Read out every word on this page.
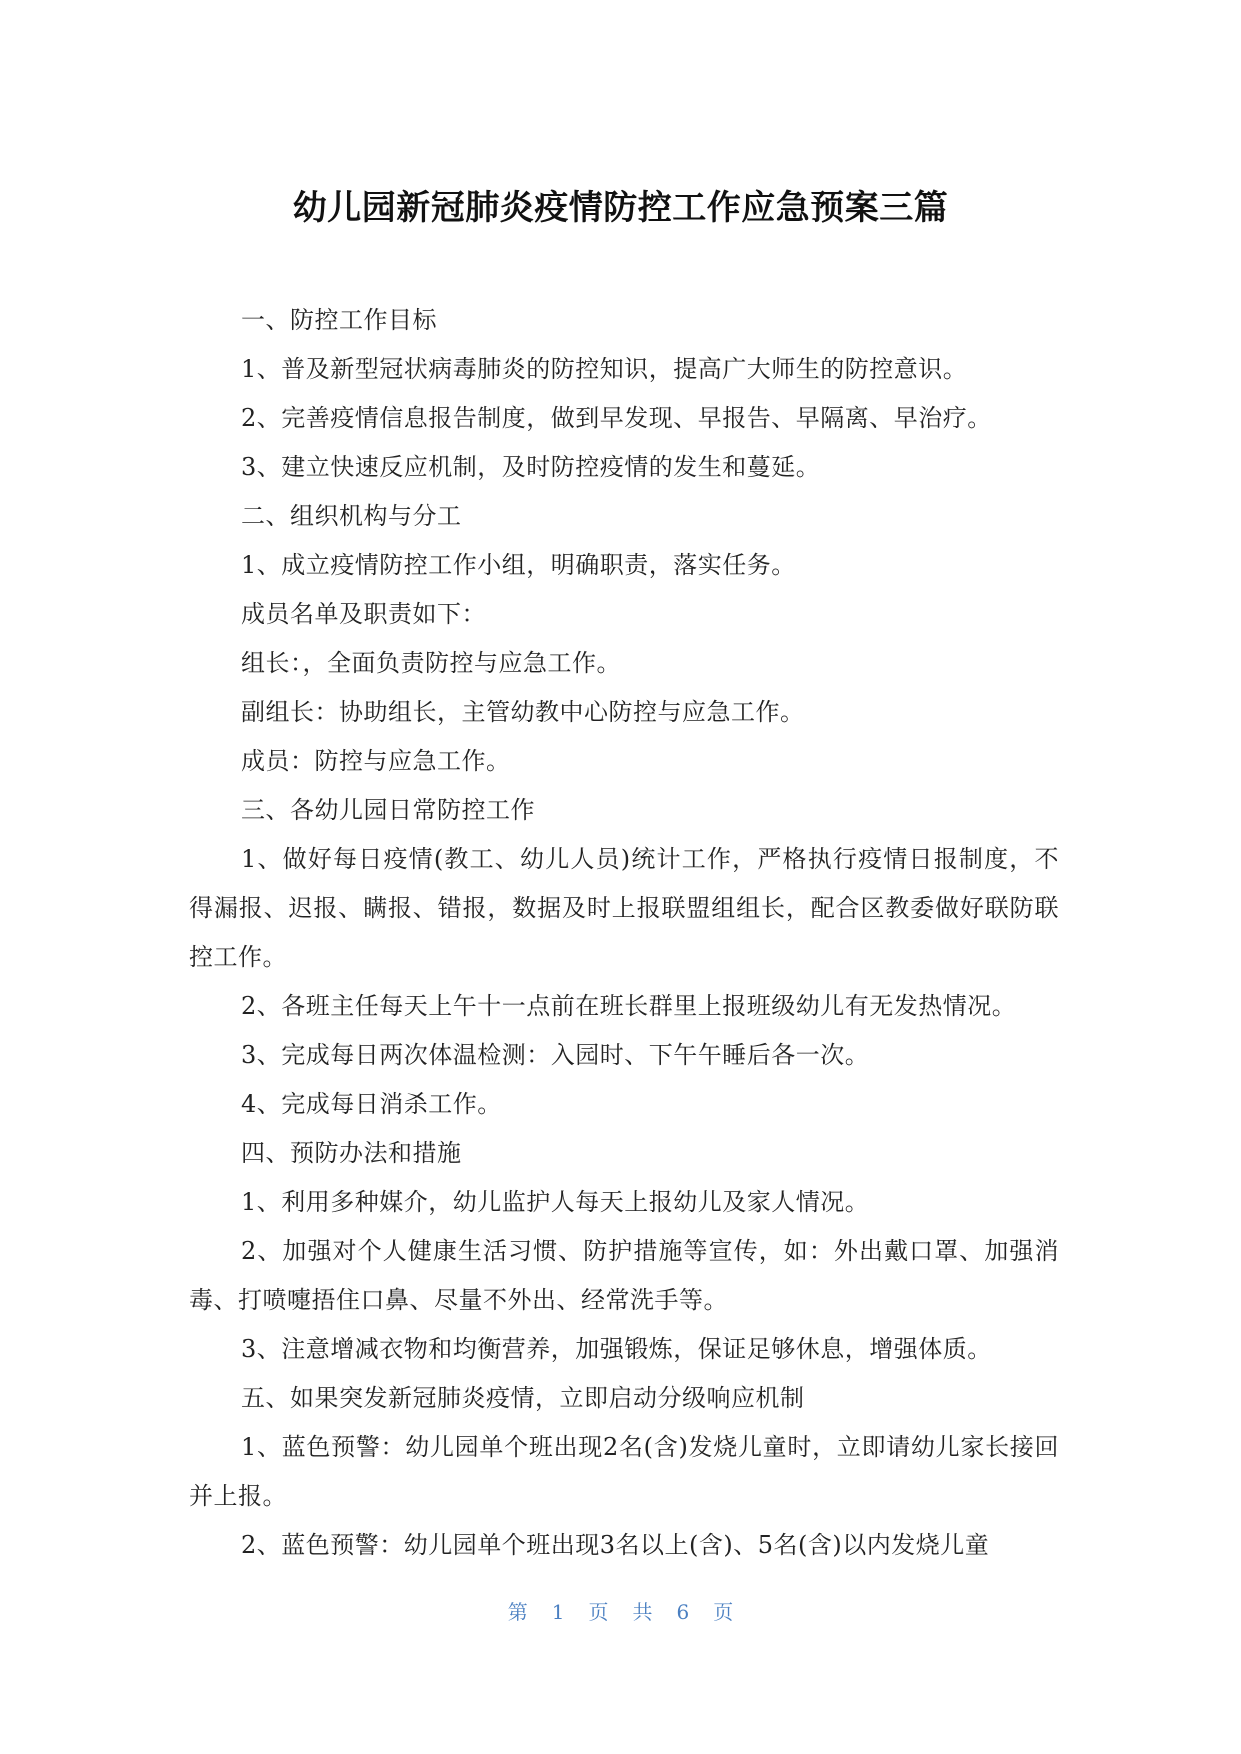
幼儿园新冠肺炎疫情防控工作应急预案三篇

一、防控工作目标

1、普及新型冠状病毒肺炎的防控知识，提高广大师生的防控意识。

2、完善疫情信息报告制度，做到早发现、早报告、早隔离、早治疗。

3、建立快速反应机制，及时防控疫情的发生和蔓延。

二、组织机构与分工

1、成立疫情防控工作小组，明确职责，落实任务。

成员名单及职责如下：

组长：，全面负责防控与应急工作。

副组长：协助组长，主管幼教中心防控与应急工作。

成员：防控与应急工作。

三、各幼儿园日常防控工作

1、做好每日疫情(教工、幼儿人员)统计工作，严格执行疫情日报制度，不得漏报、迟报、瞒报、错报，数据及时上报联盟组组长，配合区教委做好联防联控工作。

2、各班主任每天上午十一点前在班长群里上报班级幼儿有无发热情况。

3、完成每日两次体温检测：入园时、下午午睡后各一次。

4、完成每日消杀工作。

四、预防办法和措施

1、利用多种媒介，幼儿监护人每天上报幼儿及家人情况。

2、加强对个人健康生活习惯、防护措施等宣传，如：外出戴口罩、加强消毒、打喷嚏捂住口鼻、尽量不外出、经常洗手等。

3、注意增减衣物和均衡营养，加强锻炼，保证足够休息，增强体质。

五、如果突发新冠肺炎疫情，立即启动分级响应机制

1、蓝色预警：幼儿园单个班出现2名(含)发烧儿童时，立即请幼儿家长接回并上报。

2、蓝色预警：幼儿园单个班出现3名以上(含)、5名(含)以内发烧儿童

第 1 页 共 6 页
